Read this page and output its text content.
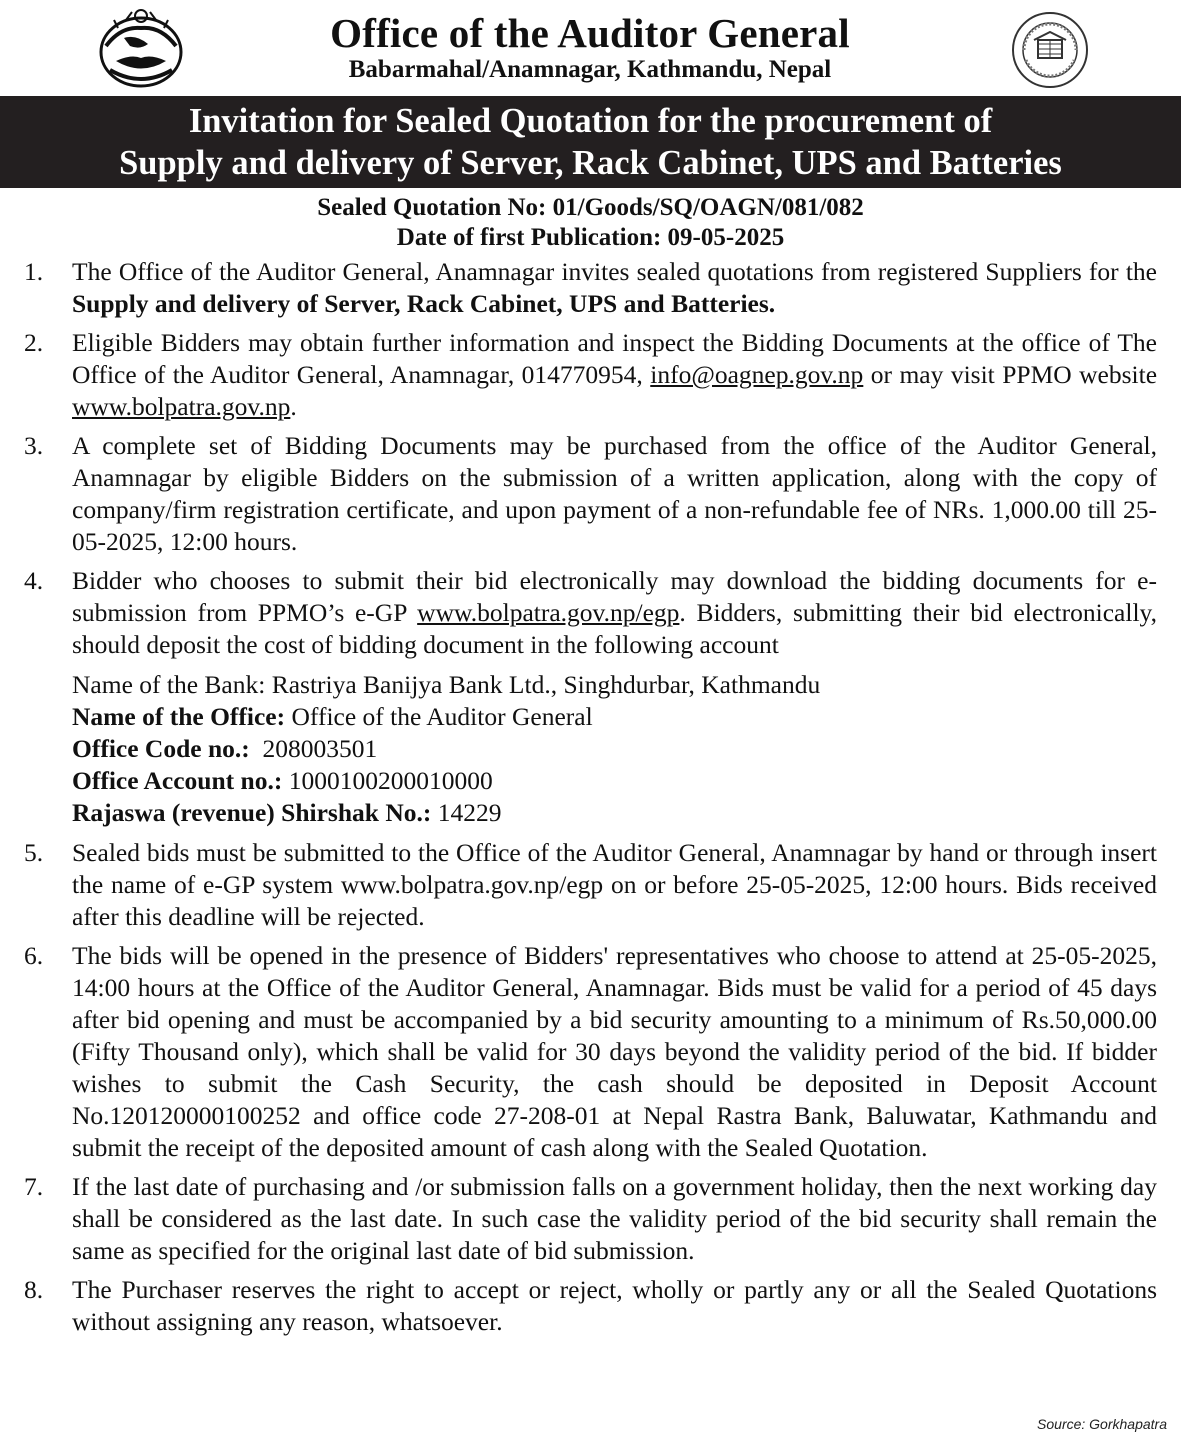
Office of the Auditor General
Babarmahal/Anamnagar, Kathmandu, Nepal
Invitation for Sealed Quotation for the procurement of
Supply and delivery of Server, Rack Cabinet, UPS and Batteries
Sealed Quotation No: 01/Goods/SQ/OAGN/081/082
Date of first Publication: 09-05-2025
1.	The Office of the Auditor General, Anamnagar invites sealed quotations from registered Suppliers for the Supply and delivery of Server, Rack Cabinet, UPS and Batteries.
2.	Eligible Bidders may obtain further information and inspect the Bidding Documents at the office of The Office of the Auditor General, Anamnagar, 014770954, info@oagnep.gov.np or may visit PPMO website www.bolpatra.gov.np.
3.	A complete set of Bidding Documents may be purchased from the office of the Auditor General, Anamnagar by eligible Bidders on the submission of a written application, along with the copy of company/firm registration certificate, and upon payment of a non-refundable fee of NRs. 1,000.00 till 25-05-2025, 12:00 hours.
4.	Bidder who chooses to submit their bid electronically may download the bidding documents for e-submission from PPMO’s e-GP www.bolpatra.gov.np/egp. Bidders, submitting their bid electronically, should deposit the cost of bidding document in the following account
Name of the Bank: Rastriya Banijya Bank Ltd., Singhdurbar, Kathmandu
Name of the Office: Office of the Auditor General
Office Code no.:  208003501
Office Account no.: 1000100200010000
Rajaswa (revenue) Shirshak No.: 14229
5.	Sealed bids must be submitted to the Office of the Auditor General, Anamnagar by hand or through insert the name of e-GP system www.bolpatra.gov.np/egp on or before 25-05-2025, 12:00 hours. Bids received after this deadline will be rejected.
6.	The bids will be opened in the presence of Bidders' representatives who choose to attend at 25-05-2025, 14:00 hours at the Office of the Auditor General, Anamnagar. Bids must be valid for a period of 45 days after bid opening and must be accompanied by a bid security amounting to a minimum of Rs.50,000.00 (Fifty Thousand only), which shall be valid for 30 days beyond the validity period of the bid. If bidder wishes to submit the Cash Security, the cash should be deposited in Deposit Account No.120120000100252 and office code 27-208-01 at Nepal Rastra Bank, Baluwatar, Kathmandu and submit the receipt of the deposited amount of cash along with the Sealed Quotation.
7.	If the last date of purchasing and /or submission falls on a government holiday, then the next working day shall be considered as the last date. In such case the validity period of the bid security shall remain the same as specified for the original last date of bid submission.
8.	The Purchaser reserves the right to accept or reject, wholly or partly any or all the Sealed Quotations without assigning any reason, whatsoever.
Source: Gorkhapatra
